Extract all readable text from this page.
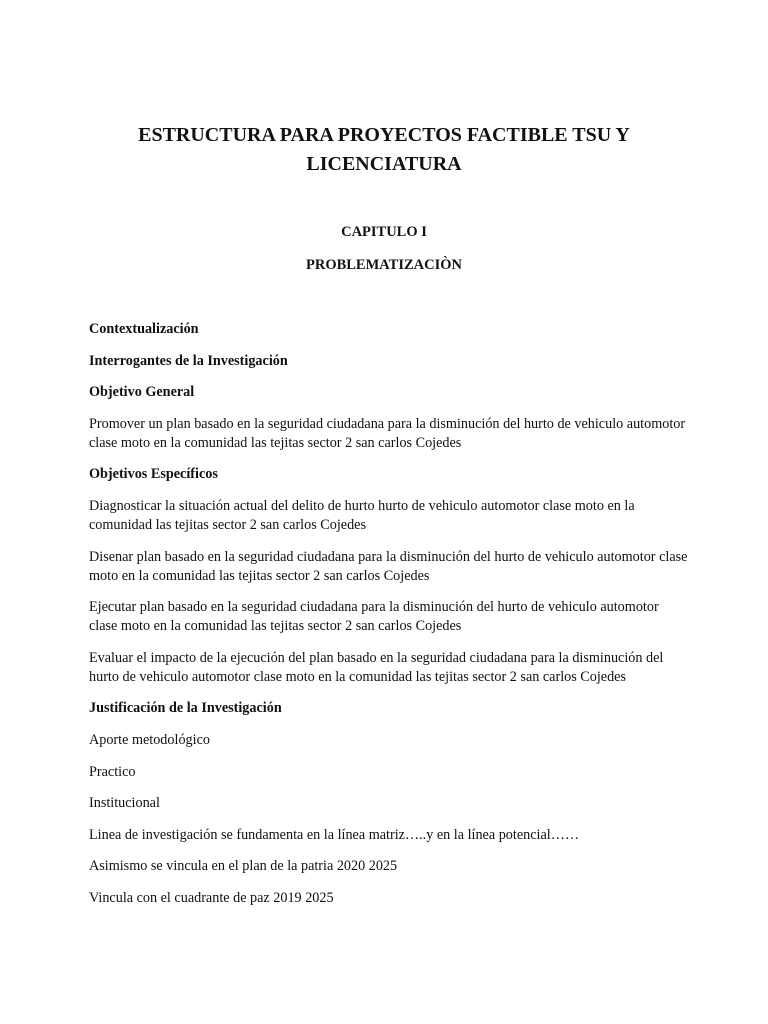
ESTRUCTURA PARA PROYECTOS FACTIBLE TSU Y LICENCIATURA
CAPITULO I
PROBLEMATIZACIÒN

Contextualización

Interrogantes de la Investigación

Objetivo General

Promover un plan basado en la seguridad ciudadana para la disminución del hurto de vehiculo automotor clase moto en la comunidad las tejitas sector 2 san carlos Cojedes

Objetivos Específicos

Diagnosticar la situación actual del delito de hurto hurto de vehiculo automotor clase moto en la comunidad las tejitas sector 2 san carlos Cojedes

Disenar plan basado en la seguridad ciudadana para la disminución del hurto de vehiculo automotor clase moto en la comunidad las tejitas sector 2 san carlos Cojedes

Ejecutar plan basado en la seguridad ciudadana para la disminución del hurto de vehiculo automotor clase moto en la comunidad las tejitas sector 2 san carlos Cojedes

Evaluar el impacto de la ejecución del plan basado en la seguridad ciudadana para la disminución del hurto de vehiculo automotor clase moto en la comunidad las tejitas sector 2 san carlos Cojedes

Justificación de la Investigación

Aporte metodológico

Practico

Institucional

Linea de investigación se fundamenta en la línea matriz…..y en la línea potencial……

Asimismo se vincula en el plan de la patria 2020 2025

Vincula con el cuadrante de paz 2019 2025
